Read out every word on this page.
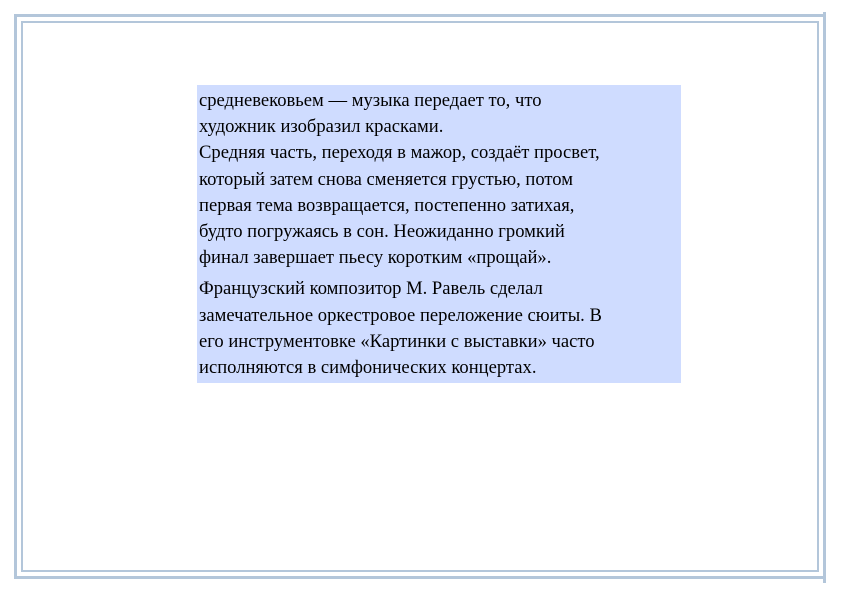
средневековьем — музыка передает то, что
художник изобразил красками.

Средняя часть, переходя в мажор, создаёт просвет,
который затем снова сменяется грустью, потом
первая тема возвращается, постепенно затихая,
будто погружаясь в сон. Неожиданно громкий
финал завершает пьесу коротким «прощай».

Французский композитор М. Равель сделал
замечательное оркестровое переложение сюиты. В
его инструментовке «Картинки с выставки» часто
исполняются в симфонических концертах.
